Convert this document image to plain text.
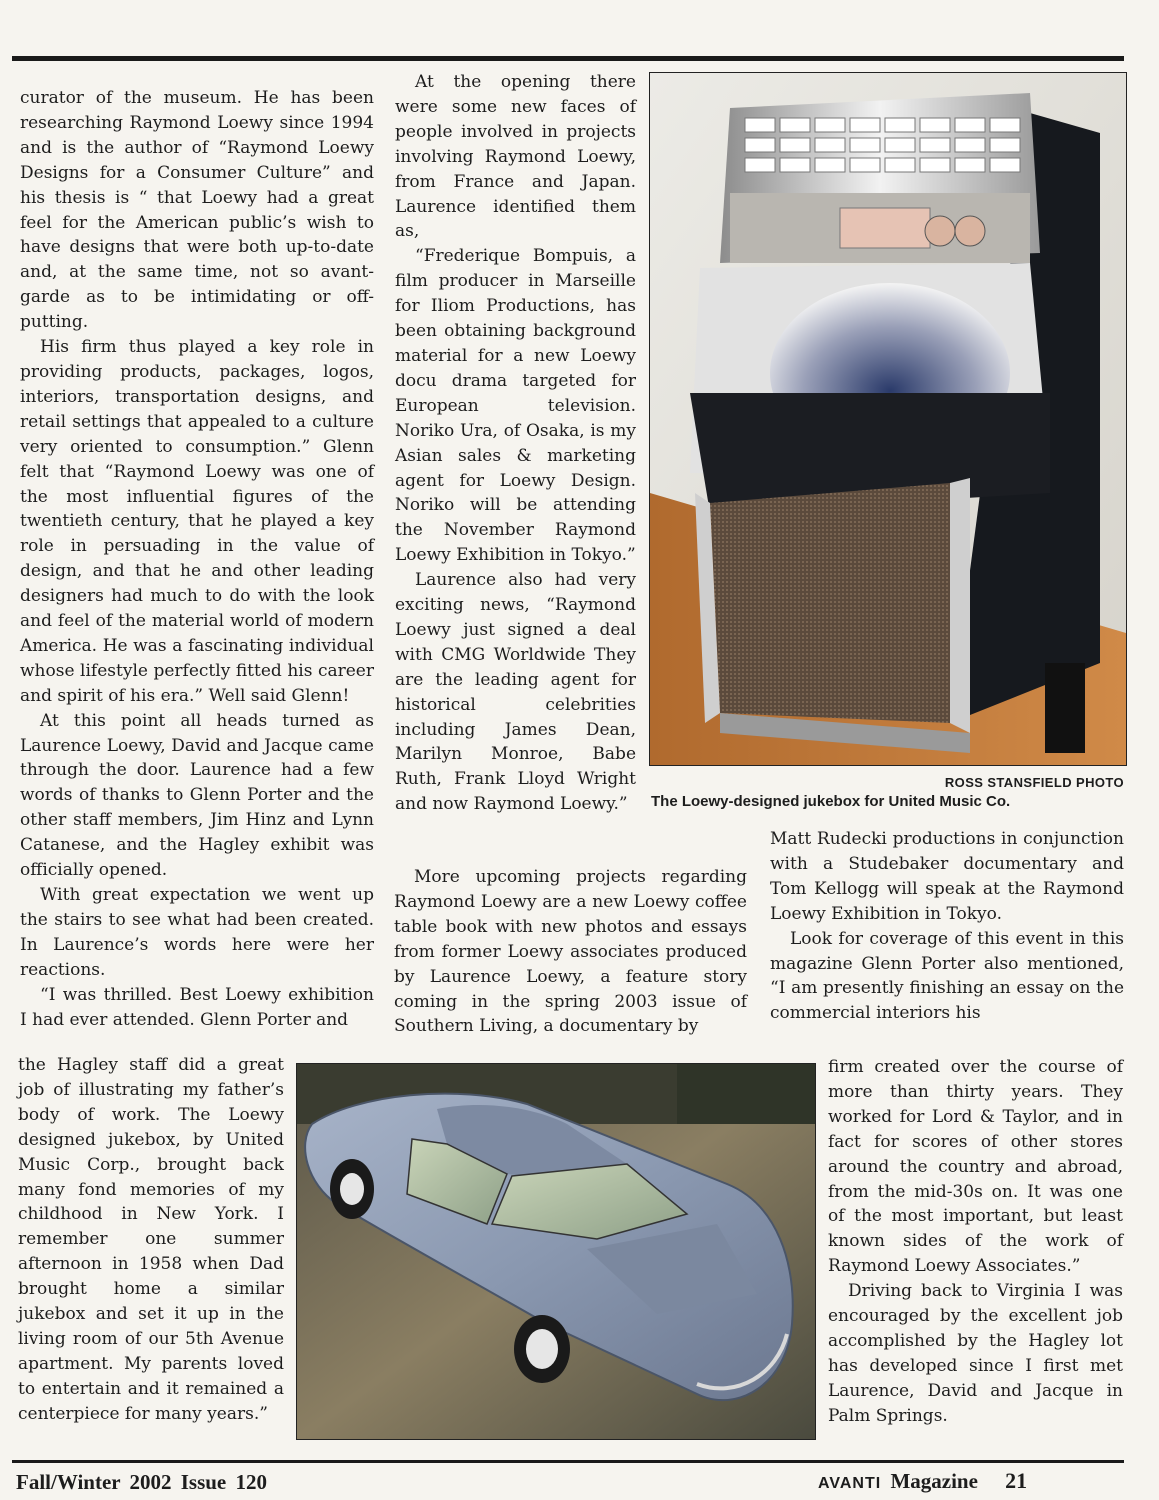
curator of the museum. He has been researching Raymond Loewy since 1994 and is the author of “Raymond Loewy Designs for a Consumer Culture” and his thesis is “ that Loewy had a great feel for the American public’s wish to have designs that were both up-to-date and, at the same time, not so avant-garde as to be intimidating or off-putting.

His firm thus played a key role in providing products, packages, logos, interiors, transportation designs, and retail settings that appealed to a culture very oriented to consumption.” Glenn felt that “Raymond Loewy was one of the most influential figures of the twentieth century, that he played a key role in persuading in the value of design, and that he and other leading designers had much to do with the look and feel of the material world of modern America. He was a fascinating individual whose lifestyle perfectly fitted his career and spirit of his era.” Well said Glenn!

At this point all heads turned as Laurence Loewy, David and Jacque came through the door. Laurence had a few words of thanks to Glenn Porter and the other staff members, Jim Hinz and Lynn Catanese, and the Hagley exhibit was officially opened.

With great expectation we went up the stairs to see what had been created. In Laurence’s words here were her reactions.

“I was thrilled. Best Loewy exhibition I had ever attended. Glenn Porter and

the Hagley staff did a great job of illustrating my father’s body of work. The Loewy designed jukebox, by United Music Corp., brought back many fond memories of my childhood in New York. I remember one summer afternoon in 1958 when Dad brought home a similar jukebox and set it up in the living room of our 5th Avenue apartment. My parents loved to entertain and it remained a centerpiece for many years.”

At the opening there were some new faces of people involved in projects involving Raymond Loewy, from France and Japan. Laurence identified them as,

“Frederique Bompuis, a film producer in Marseille for Iliom Productions, has been obtaining background material for a new Loewy docu drama targeted for European television. Noriko Ura, of Osaka, is my Asian sales & marketing agent for Loewy Design. Noriko will be attending the November Raymond Loewy Exhibition in Tokyo.”

Laurence also had very exciting news, “Raymond Loewy just signed a deal with CMG Worldwide They are the leading agent for historical celebrities including James Dean, Marilyn Monroe, Babe Ruth, Frank Lloyd Wright and now Raymond Loewy.”

More upcoming projects regarding Raymond Loewy are a new Loewy coffee table book with new photos and essays from former Loewy associates produced by Laurence Loewy, a feature story coming in the spring 2003 issue of Southern Living, a documentary by

ROSS STANSFIELD PHOTO
The Loewy-designed jukebox for United Music Co.

Matt Rudecki productions in conjunction with a Studebaker documentary and Tom Kellogg will speak at the Raymond Loewy Exhibition in Tokyo.

Look for coverage of this event in this magazine Glenn Porter also mentioned, “I am presently finishing an essay on the commercial interiors his

firm created over the course of more than thirty years. They worked for Lord & Taylor, and in fact for scores of other stores around the country and abroad, from the mid-30s on. It was one of the most important, but least known sides of the work of Raymond Loewy Associates.”

Driving back to Virginia I was encouraged by the excellent job accomplished by the Hagley lot has developed since I first met Laurence, David and Jacque in Palm Springs.

Fall/Winter 2002 Issue 120	AVANTI Magazine 21
